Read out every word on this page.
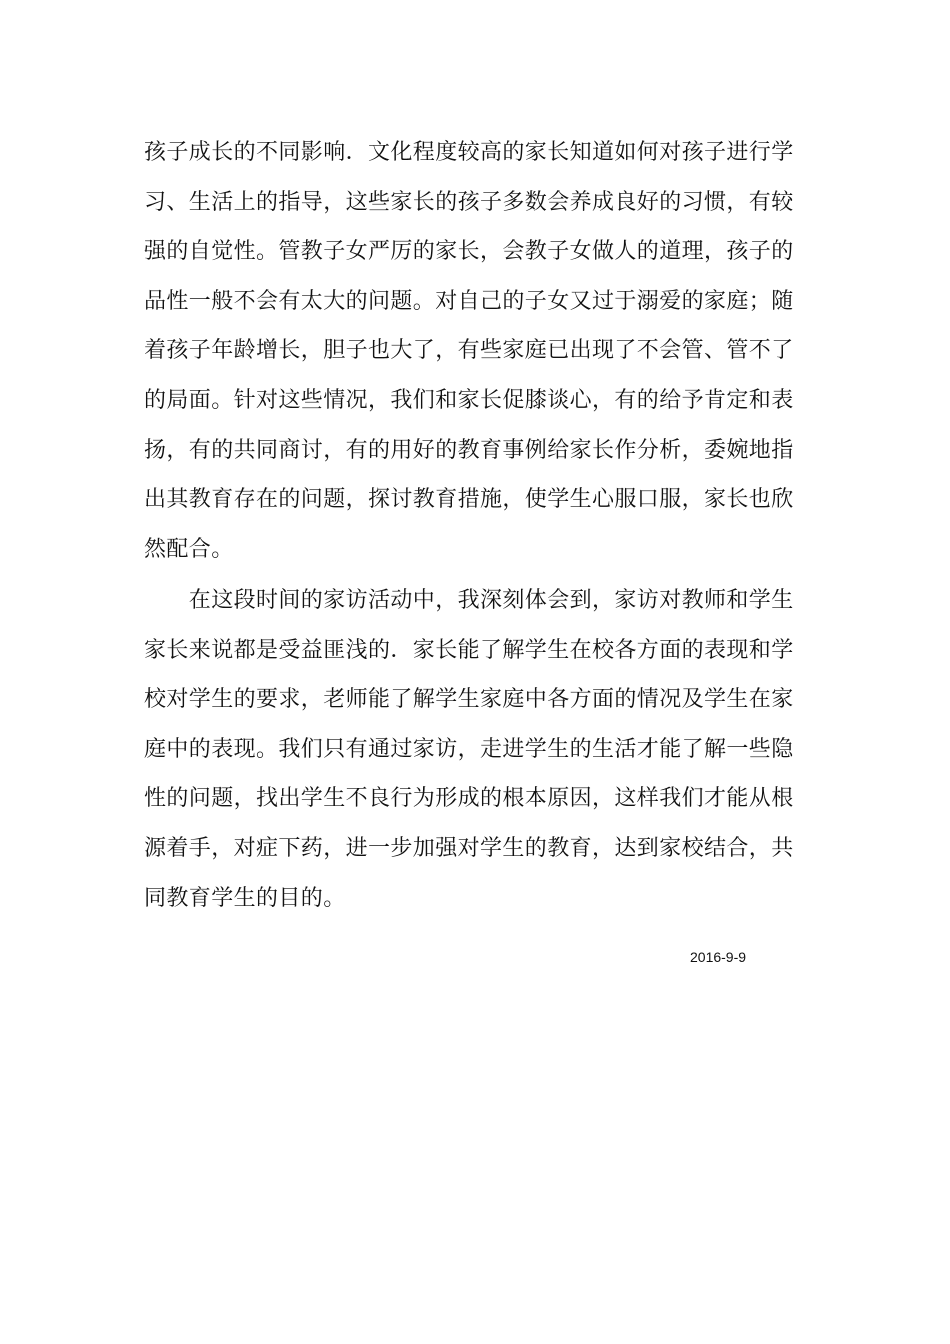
孩子成长的不同影响．文化程度较高的家长知道如何对孩子进行学
习、生活上的指导，这些家长的孩子多数会养成良好的习惯，有较
强的自觉性。管教子女严厉的家长，会教子女做人的道理，孩子的
品性一般不会有太大的问题。对自己的子女又过于溺爱的家庭；随
着孩子年龄增长，胆子也大了，有些家庭已出现了不会管、管不了
的局面。针对这些情况，我们和家长促膝谈心，有的给予肯定和表
扬，有的共同商讨，有的用好的教育事例给家长作分析，委婉地指
出其教育存在的问题，探讨教育措施，使学生心服口服，家长也欣
然配合。

　　在这段时间的家访活动中，我深刻体会到，家访对教师和学生
家长来说都是受益匪浅的．家长能了解学生在校各方面的表现和学
校对学生的要求，老师能了解学生家庭中各方面的情况及学生在家
庭中的表现。我们只有通过家访，走进学生的生活才能了解一些隐
性的问题，找出学生不良行为形成的根本原因，这样我们才能从根
源着手，对症下药，进一步加强对学生的教育，达到家校结合，共
同教育学生的目的。

2016-9-9
